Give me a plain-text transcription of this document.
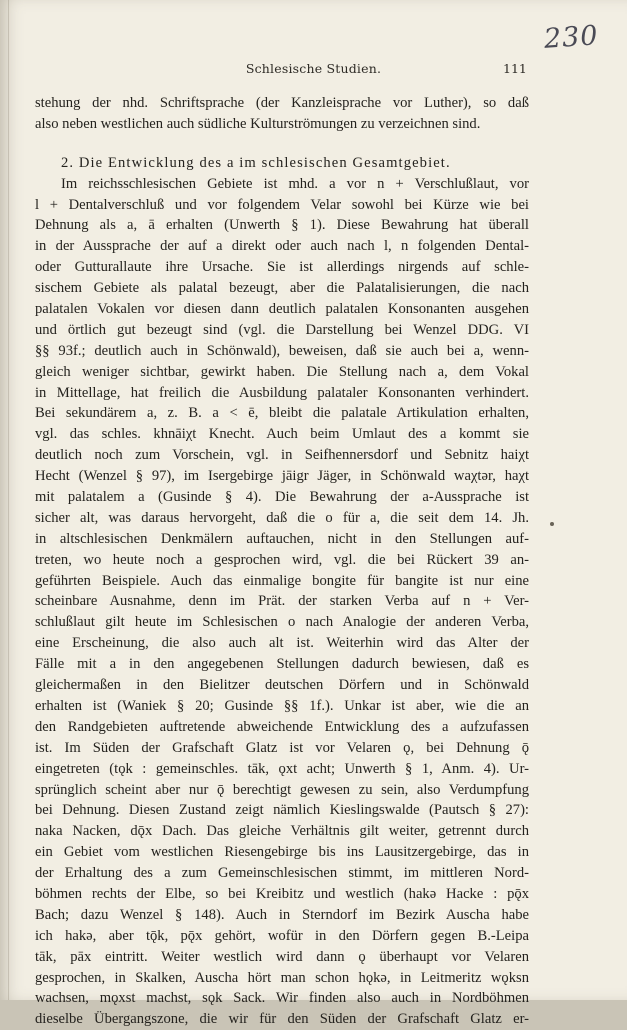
230
Schlesische Studien.	111
stehung der nhd. Schriftsprache (der Kanzleisprache vor Luther), so daß
also neben westlichen auch südliche Kulturströmungen zu verzeichnen sind.
2. Die Entwicklung des a im schlesischen Gesamtgebiet.
Im reichsschlesischen Gebiete ist mhd. a vor n + Verschlußlaut, vor
l + Dentalverschluß und vor folgendem Velar sowohl bei Kürze wie bei
Dehnung als a, ā erhalten (Unwerth § 1). Diese Bewahrung hat überall
in der Aussprache der auf a direkt oder auch nach l, n folgenden Dental-
oder Gutturallaute ihre Ursache. Sie ist allerdings nirgends auf schle-
sischem Gebiete als palatal bezeugt, aber die Palatalisierungen, die nach
palatalen Vokalen vor diesen dann deutlich palatalen Konsonanten ausgehen
und örtlich gut bezeugt sind (vgl. die Darstellung bei Wenzel DDG. VI
§§ 93f.; deutlich auch in Schönwald), beweisen, daß sie auch bei a, wenn-
gleich weniger sichtbar, gewirkt haben. Die Stellung nach a, dem Vokal
in Mittellage, hat freilich die Ausbildung palataler Konsonanten verhindert.
Bei sekundärem a, z. B. a < ē, bleibt die palatale Artikulation erhalten,
vgl. das schles. khnāiχt Knecht. Auch beim Umlaut des a kommt sie
deutlich noch zum Vorschein, vgl. in Seifhennersdorf und Sebnitz haiχt
Hecht (Wenzel § 97), im Isergebirge jāigr Jäger, in Schönwald waχtər, haχt
mit palatalem a (Gusinde § 4). Die Bewahrung der a-Aussprache ist
sicher alt, was daraus hervorgeht, daß die o für a, die seit dem 14. Jh.
in altschlesischen Denkmälern auftauchen, nicht in den Stellungen auf-
treten, wo heute noch a gesprochen wird, vgl. die bei Rückert 39 an-
geführten Beispiele. Auch das einmalige bongite für bangite ist nur eine
scheinbare Ausnahme, denn im Prät. der starken Verba auf n + Ver-
schlußlaut gilt heute im Schlesischen o nach Analogie der anderen Verba,
eine Erscheinung, die also auch alt ist. Weiterhin wird das Alter der
Fälle mit a in den angegebenen Stellungen dadurch bewiesen, daß es
gleichermaßen in den Bielitzer deutschen Dörfern und in Schönwald
erhalten ist (Waniek § 20; Gusinde §§ 1f.). Unkar ist aber, wie die an
den Randgebieten auftretende abweichende Entwicklung des a aufzufassen
ist. Im Süden der Grafschaft Glatz ist vor Velaren ǫ, bei Dehnung ǭ
eingetreten (tǫk : gemeinschles. tāk, ǫxt acht; Unwerth § 1, Anm. 4). Ur-
sprünglich scheint aber nur ǭ berechtigt gewesen zu sein, also Verdumpfung
bei Dehnung. Diesen Zustand zeigt nämlich Kieslingswalde (Pautsch § 27):
naka Nacken, dǭx Dach. Das gleiche Verhältnis gilt weiter, getrennt durch
ein Gebiet vom westlichen Riesengebirge bis ins Lausitzergebirge, das in
der Erhaltung des a zum Gemeinschlesischen stimmt, im mittleren Nord-
böhmen rechts der Elbe, so bei Kreibitz und westlich (hakə Hacke : pǭx
Bach; dazu Wenzel § 148). Auch in Sterndorf im Bezirk Auscha habe
ich hakə, aber tǭk, pǭx gehört, wofür in den Dörfern gegen B.-Leipa
tāk, pāx eintritt. Weiter westlich wird dann ǫ überhaupt vor Velaren
gesprochen, in Skalken, Auscha hört man schon hǫkə, in Leitmeritz wǫksn
wachsen, mǫxst machst, sǫk Sack. Wir finden also auch in Nordböhmen
dieselbe Übergangszone, die wir für den Süden der Grafschaft Glatz er-
